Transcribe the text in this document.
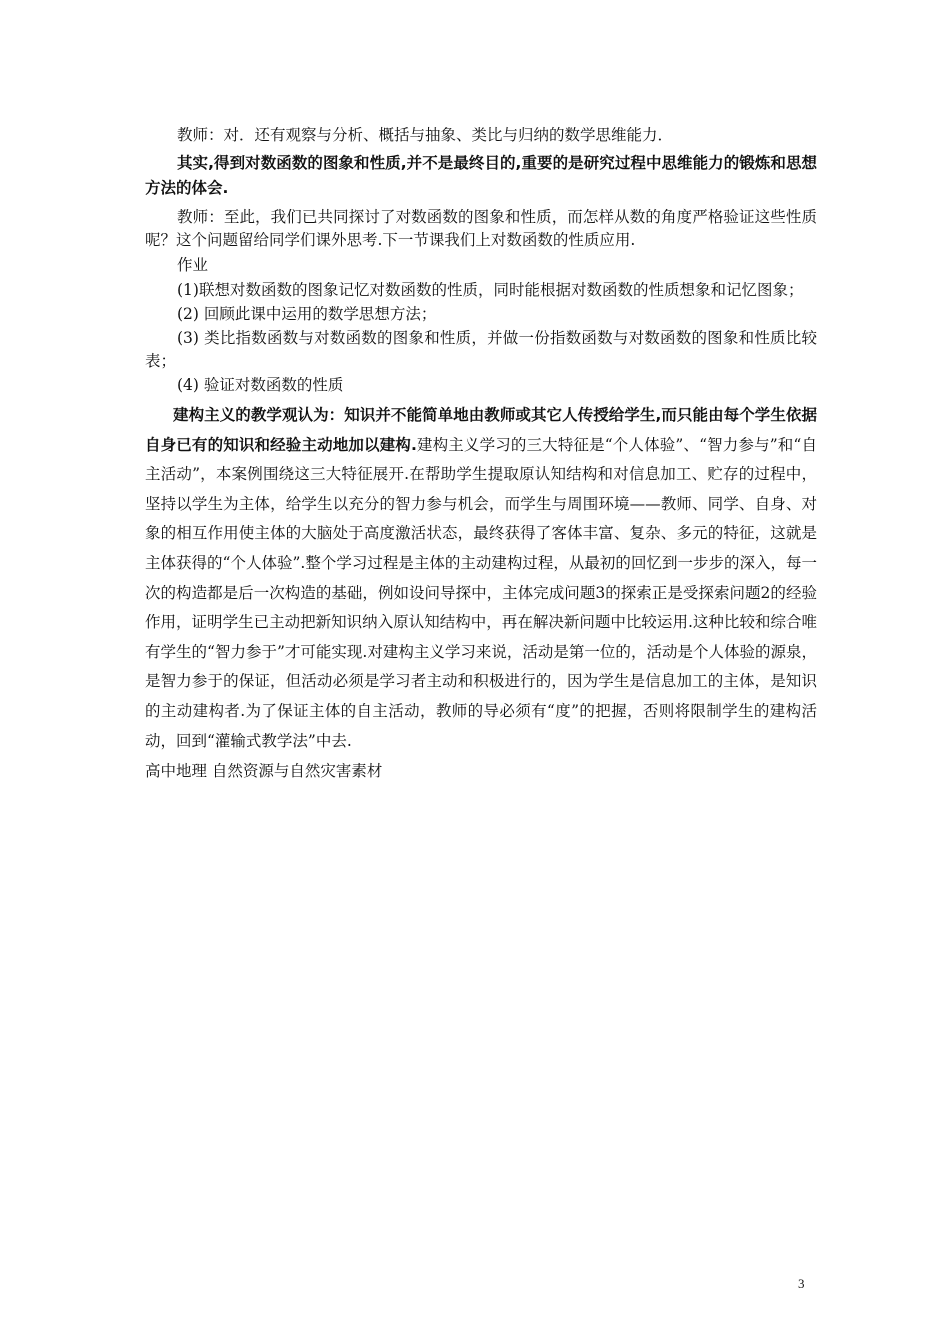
教师：对．还有观察与分析、概括与抽象、类比与归纳的数学思维能力．

其实,得到对数函数的图象和性质,并不是最终目的,重要的是研究过程中思维能力的锻炼和思想方法的体会.

教师：至此，我们已共同探讨了对数函数的图象和性质，而怎样从数的角度严格验证这些性质呢？这个问题留给同学们课外思考.下一节课我们上对数函数的性质应用.

作业

(1)联想对数函数的图象记忆对数函数的性质，同时能根据对数函数的性质想象和记忆图象；

(2) 回顾此课中运用的数学思想方法；

(3) 类比指数函数与对数函数的图象和性质，并做一份指数函数与对数函数的图象和性质比较表；

(4) 验证对数函数的性质

建构主义的教学观认为：知识并不能简单地由教师或其它人传授给学生,而只能由每个学生依据自身已有的知识和经验主动地加以建构.建构主义学习的三大特征是“个人体验”、“智力参与”和“自主活动”，本案例围绕这三大特征展开.在帮助学生提取原认知结构和对信息加工、贮存的过程中，坚持以学生为主体，给学生以充分的智力参与机会，而学生与周围环境——教师、同学、自身、对象的相互作用使主体的大脑处于高度激活状态，最终获得了客体丰富、复杂、多元的特征，这就是主体获得的“个人体验”.整个学习过程是主体的主动建构过程，从最初的回忆到一步步的深入，每一次的构造都是后一次构造的基础，例如设问导探中，主体完成问题3的探索正是受探索问题2的经验作用，证明学生已主动把新知识纳入原认知结构中，再在解决新问题中比较运用.这种比较和综合唯有学生的“智力参于”才可能实现.对建构主义学习来说，活动是第一位的，活动是个人体验的源泉，是智力参于的保证，但活动必须是学习者主动和积极进行的，因为学生是信息加工的主体，是知识的主动建构者.为了保证主体的自主活动，教师的导必须有“度”的把握，否则将限制学生的建构活动，回到“灌输式教学法”中去.

高中地理 自然资源与自然灾害素材

3
